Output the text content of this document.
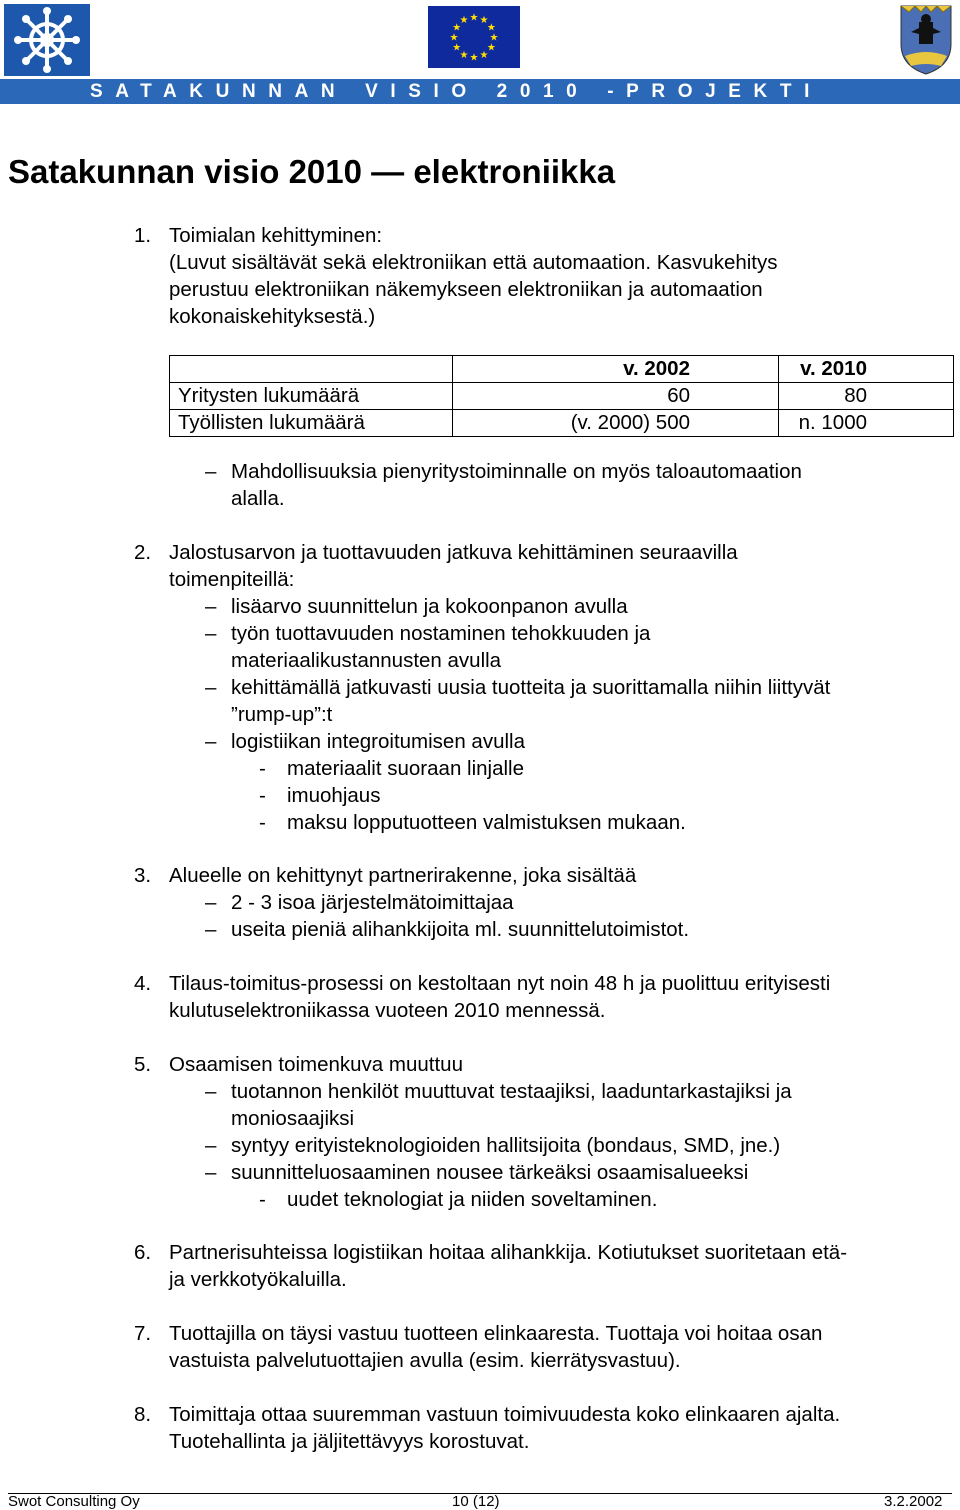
★ ★
★
★
★
★
★
★
★
★
★
★
SATAKUNNAN VISIO 2010 -PROJEKTI
Satakunnan visio 2010 — elektroniikka
1. Toimialan kehittyminen:
(Luvut sisältävät sekä elektroniikan että automaation. Kasvukehitys
perustuu elektroniikan näkemykseen elektroniikan ja automaation
kokonaiskehityksestä.)
	v. 2002	v. 2010
Yritysten lukumäärä	60	80
Työllisten lukumäärä	(v. 2000) 500	n. 1000
– Mahdollisuuksia pienyritystoiminnalle on myös taloautomaation
alalla.
2. Jalostusarvon ja tuottavuuden jatkuva kehittäminen seuraavilla
toimenpiteillä:
– lisäarvo suunnittelun ja kokoonpanon avulla
– työn tuottavuuden nostaminen tehokkuuden ja
materiaalikustannusten avulla
– kehittämällä jatkuvasti uusia tuotteita ja suorittamalla niihin liittyvät
”rump-up”:t
– logistiikan integroitumisen avulla
- materiaalit suoraan linjalle
- imuohjaus
- maksu lopputuotteen valmistuksen mukaan.
3. Alueelle on kehittynyt partnerirakenne, joka sisältää
– 2 - 3 isoa järjestelmätoimittajaa
– useita pieniä alihankkijoita ml. suunnittelutoimistot.
4. Tilaus-toimitus-prosessi on kestoltaan nyt noin 48 h ja puolittuu erityisesti
kulutuselektroniikassa vuoteen 2010 mennessä.
5. Osaamisen toimenkuva muuttuu
– tuotannon henkilöt muuttuvat testaajiksi, laaduntarkastajiksi ja
moniosaajiksi
– syntyy erityisteknologioiden hallitsijoita (bondaus, SMD, jne.)
– suunnitteluosaaminen nousee tärkeäksi osaamisalueeksi
- uudet teknologiat ja niiden soveltaminen.
6. Partnerisuhteissa logistiikan hoitaa alihankkija. Kotiutukset suoritetaan etä-
ja verkkotyökaluilla.
7. Tuottajilla on täysi vastuu tuotteen elinkaaresta. Tuottaja voi hoitaa osan
vastuista palvelutuottajien avulla (esim. kierrätysvastuu).
8. Toimittaja ottaa suuremman vastuun toimivuudesta koko elinkaaren ajalta.
Tuotehallinta ja jäljitettävyys korostuvat.
Swot Consulting Oy	10 (12)	3.2.2002
